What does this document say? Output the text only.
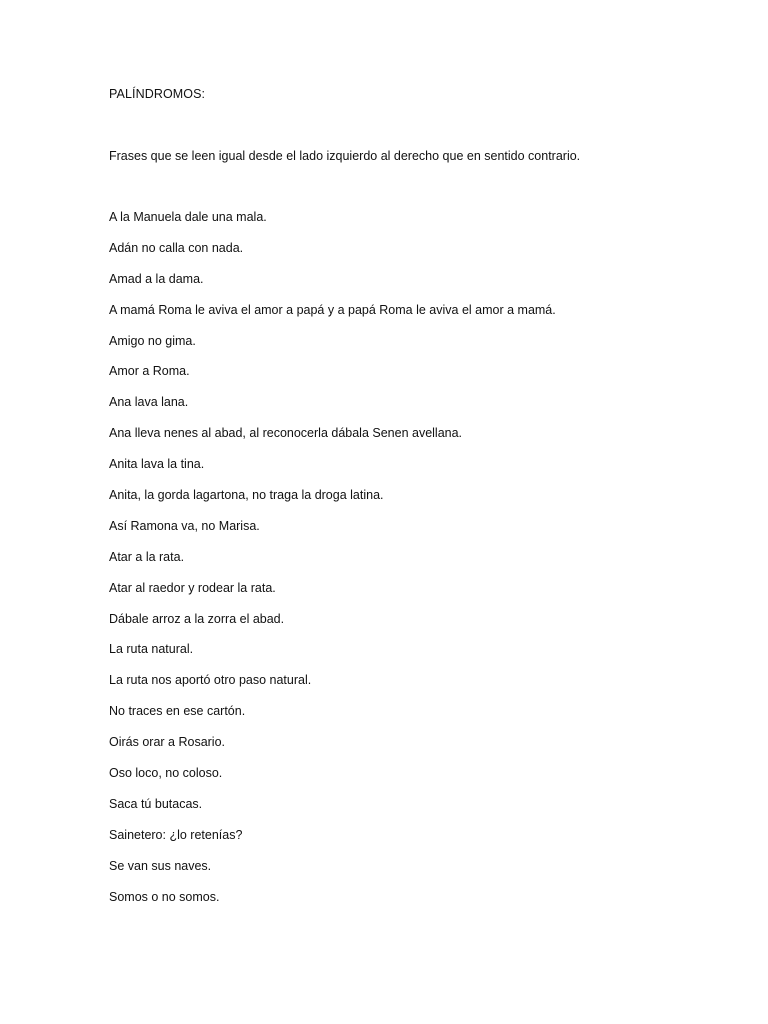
PALÍNDROMOS:

Frases que se leen igual desde el lado izquierdo al derecho que en sentido contrario.

A la Manuela dale una mala.
Adán no calla con nada.
Amad a la dama.
A mamá Roma le aviva el amor a papá y a papá Roma le aviva el amor a mamá.
Amigo no gima.
Amor a Roma.
Ana lava lana.
Ana lleva nenes al abad, al reconocerla dábala Senen avellana.
Anita lava la tina.
Anita, la gorda lagartona, no traga la droga latina.
Así Ramona va, no Marisa.
Atar a la rata.
Atar al raedor y rodear la rata.
Dábale arroz a la zorra el abad.
La ruta natural.
La ruta nos aportó otro paso natural.
No traces en ese cartón.
Oirás orar a Rosario.
Oso loco, no coloso.
Saca tú butacas.
Sainetero: ¿lo retenías?
Se van sus naves.
Somos o no somos.
